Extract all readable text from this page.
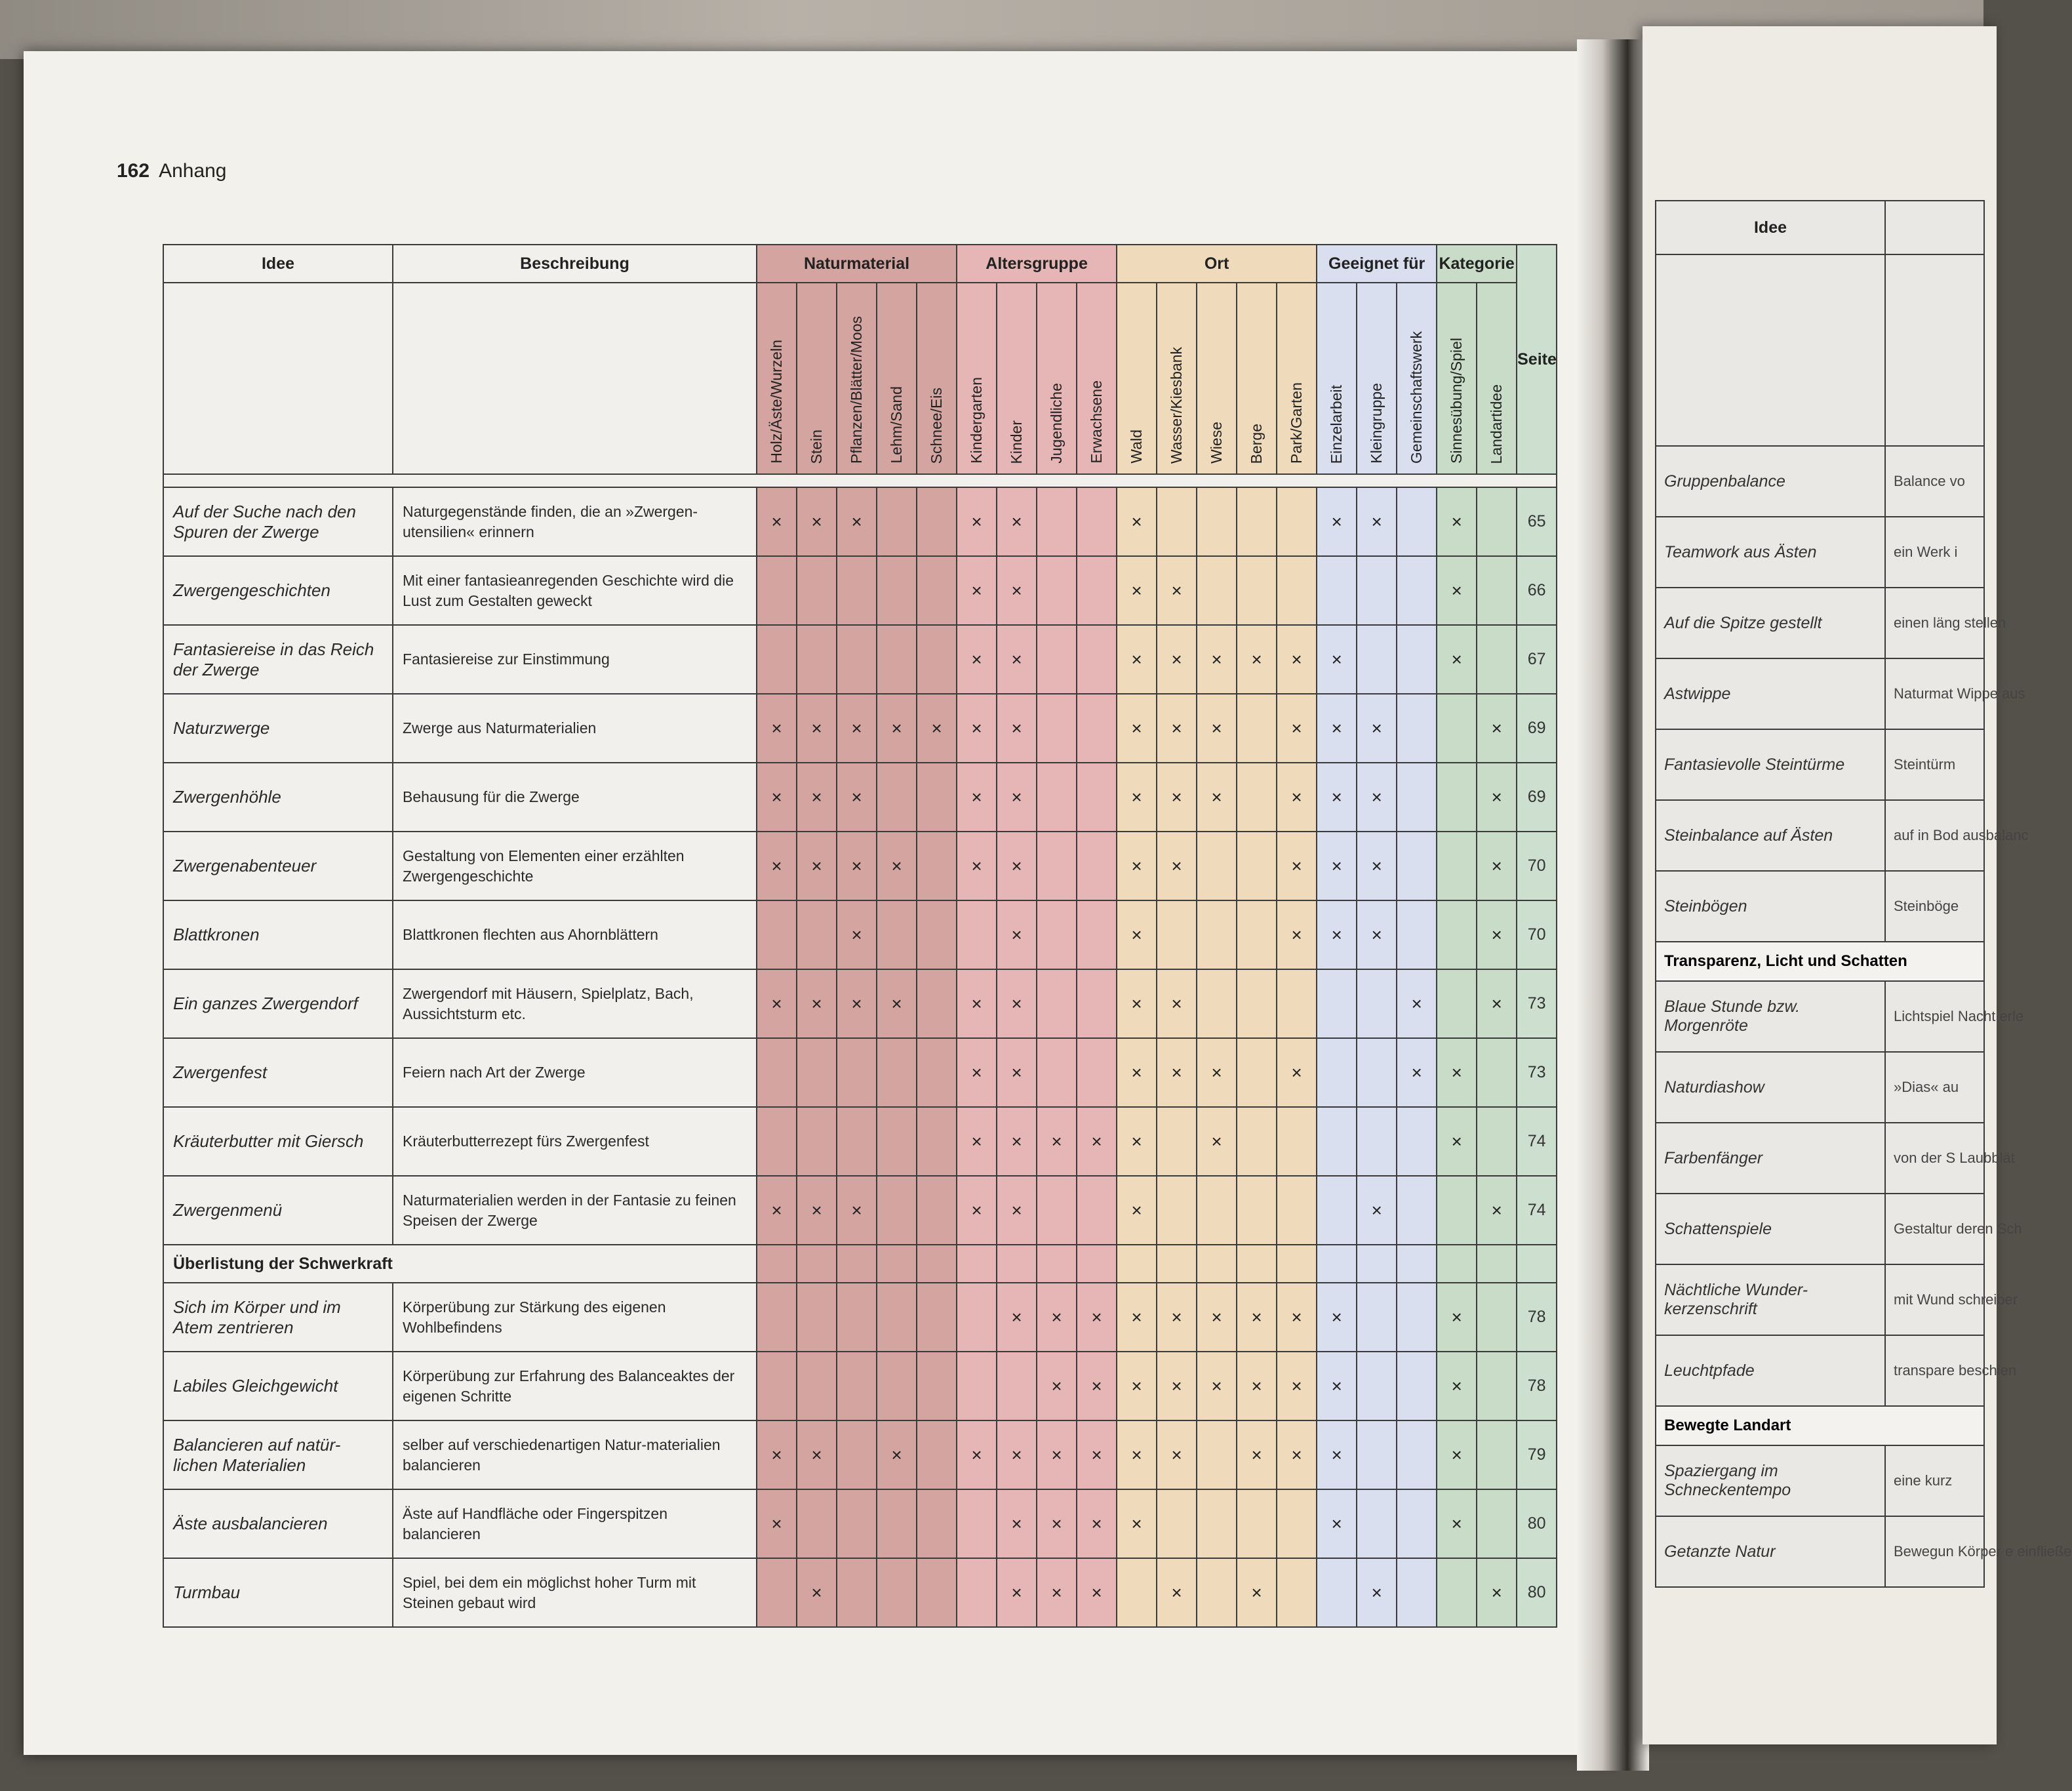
162 Anhang
Idee	Beschreibung	Naturmaterial					Altersgruppe				Ort					Geeignet für			Kategorie		Seite
		Holz/Äste/Wurzeln	Stein	Pflanzen/Blätter/Moos	Lehm/Sand	Schnee/Eis	Kindergarten	Kinder	Jugendliche	Erwachsene	Wald	Wasser/Kiesbank	Wiese	Berge	Park/Garten	Einzelarbeit	Kleingruppe	Gemeinschaftswerk	Sinnesübung/Spiel	Landartidee	

Auf der Suche nach den Spuren der Zwerge	Naturgegenstände finden, die an »Zwergen-utensilien« erinnern	×	×	×			×	×			×					×	×		×		65
Zwergengeschichten	Mit einer fantasieanregenden Geschichte wird die Lust zum Gestalten geweckt						×	×			×	×							×		66
Fantasiereise in das Reich der Zwerge	Fantasiereise zur Einstimmung						×	×			×	×	×	×	×	×			×		67
Naturzwerge	Zwerge aus Naturmaterialien	×	×	×	×	×	×	×			×	×	×		×	×	×			×	69
Zwergenhöhle	Behausung für die Zwerge	×	×	×			×	×			×	×	×		×	×	×			×	69
Zwergenabenteuer	Gestaltung von Elementen einer erzählten Zwergengeschichte	×	×	×	×		×	×			×	×			×	×	×			×	70
Blattkronen	Blattkronen flechten aus Ahornblättern			×				×			×				×	×	×			×	70
Ein ganzes Zwergendorf	Zwergendorf mit Häusern, Spielplatz, Bach, Aussichtsturm etc.	×	×	×	×		×	×			×	×						×		×	73
Zwergenfest	Feiern nach Art der Zwerge						×	×			×	×	×		×			×	×		73
Kräuterbutter mit Giersch	Kräuterbutterrezept fürs Zwergenfest						×	×	×	×	×		×						×		74
Zwergenmenü	Naturmaterialien werden in der Fantasie zu feinen Speisen der Zwerge	×	×	×			×	×			×						×			×	74
Überlistung der Schwerkraft																					
Sich im Körper und im Atem zentrieren	Körperübung zur Stärkung des eigenen Wohlbefindens							×	×	×	×	×	×	×	×	×			×		78
Labiles Gleichgewicht	Körperübung zur Erfahrung des Balanceaktes der eigenen Schritte								×	×	×	×	×	×	×	×			×		78
Balancieren auf natür-lichen Materialien	selber auf verschiedenartigen Natur-materialien balancieren	×	×		×		×	×	×	×	×	×		×	×	×			×		79
Äste ausbalancieren	Äste auf Handfläche oder Fingerspitzen balancieren	×						×	×	×	×					×			×		80
Turmbau	Spiel, bei dem ein möglichst hoher Turm mit Steinen gebaut wird		×					×	×	×		×		×			×			×	80
Idee	

Gruppenbalance	Balance vo
Teamwork aus Ästen	ein Werk i
Auf die Spitze gestellt	einen läng stellen
Astwippe	Naturmat Wippe aus
Fantasievolle Steintürme	Steintürm
Steinbalance auf Ästen	auf in Bod ausbalanc
Steinbögen	Steinböge
Transparenz, Licht und Schatten	
Blaue Stunde bzw. Morgenröte	Lichtspiel Nacht erle
Naturdiashow	»Dias« au
Farbenfänger	von der S Laubblät
Schattenspiele	Gestaltur deren Sch
Nächtliche Wunder-kerzenschrift	mit Wund schreiber
Leuchtpfade	transpare beschien
Bewegte Landart	
Spaziergang im Schneckentempo	eine kurz
Getanzte Natur	Bewegun Körper e einfließe
